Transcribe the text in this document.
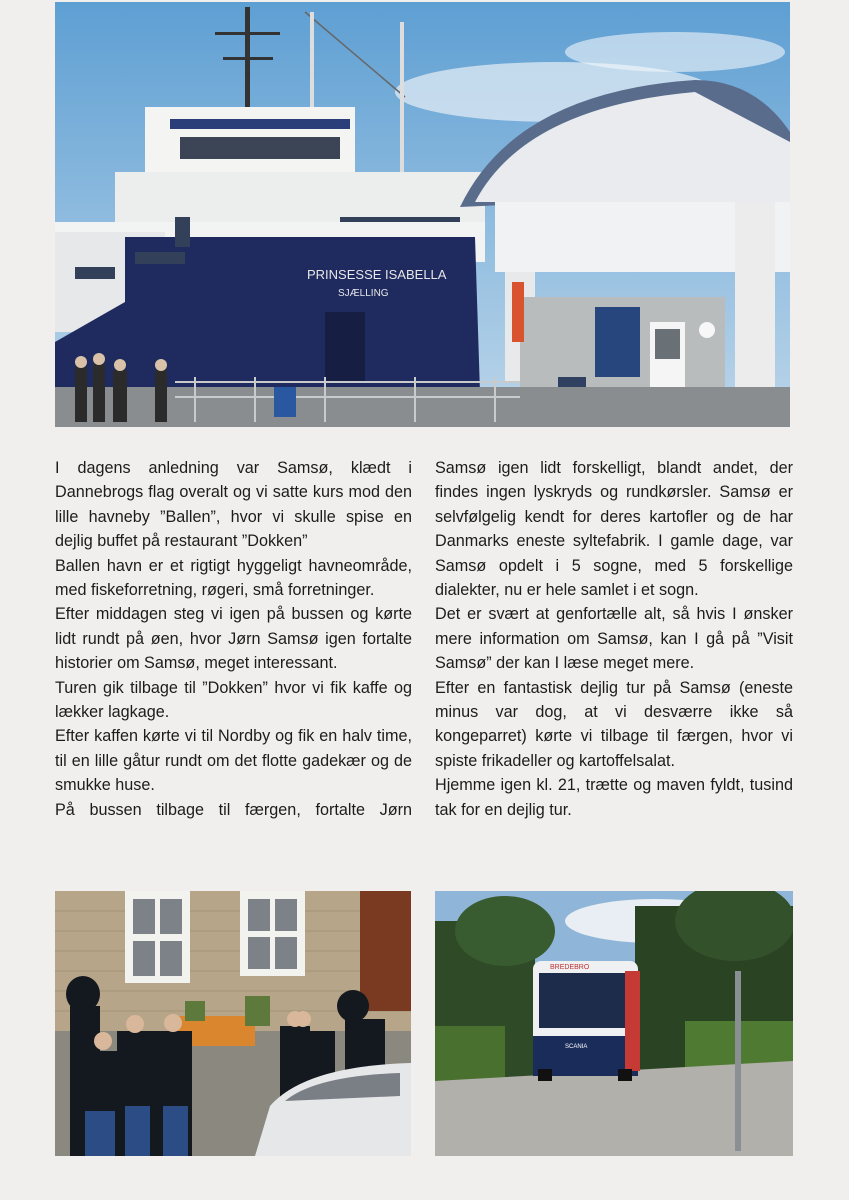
PRINSESSE ISABELLA
SJÆLLING

I dagens anledning var Samsø, klædt i Dannebrogs flag overalt og vi satte kurs mod den lille havneby ”Ballen”, hvor vi skulle spise en dejlig buffet på restaurant ”Dokken”

Ballen havn er et rigtigt hyggeligt havneområde, med fiskeforretning, røgeri, små forretninger.

Efter middagen steg vi igen på bussen og kørte lidt rundt på øen, hvor Jørn Samsø igen fortalte historier om Samsø, meget interessant.

Turen gik tilbage til ”Dokken” hvor vi fik kaffe og lækker lagkage.

Efter kaffen kørte vi til Nordby og fik en halv time, til en lille gåtur rundt om det flotte gadekær og de smukke huse.

På bussen tilbage til færgen, fortalte Jørn

Samsø igen lidt forskelligt, blandt andet, der findes ingen lyskryds og rundkørsler. Samsø er selvfølgelig kendt for deres kartofler og de har Danmarks eneste syltefabrik. I gamle dage, var Samsø opdelt i 5 sogne, med 5 forskellige dialekter, nu er hele samlet i et sogn.

Det er svært at genfortælle alt, så hvis I ønsker mere information om Samsø, kan I gå på ”Visit Samsø” der kan I læse meget mere.

Efter en fantastisk dejlig tur på Samsø (eneste minus var dog, at vi desværre ikke så kongeparret) kørte vi tilbage til færgen, hvor vi spiste frikadeller og kartoffelsalat.

Hjemme igen kl. 21, trætte og maven fyldt, tusind tak for en dejlig tur.

BREDEBRO
SCANIA
